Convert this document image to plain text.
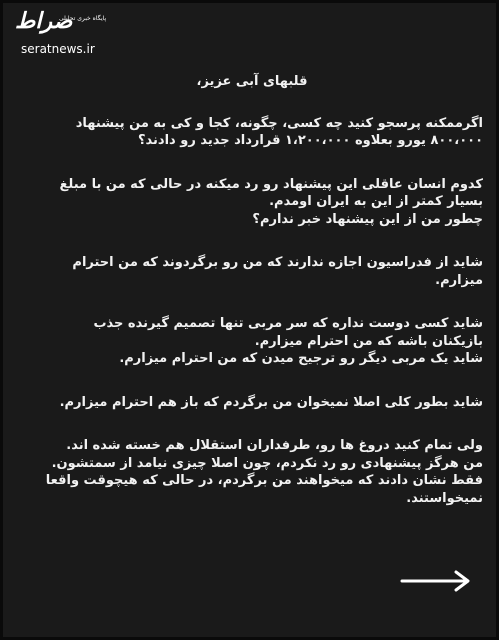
صراط
پایگاه خبری تحلیلی
seratnews.ir
قلبهای آبی عزیز،
اگرممکنه پرسجو کنید چه کسی، چگونه، کجا و کی به من پیشنهاد
۸۰۰،۰۰۰ یورو بعلاوه ۱،۲۰۰،۰۰۰ قرارداد جدید رو دادند؟
کدوم انسان عاقلی این پیشنهاد رو رد میکنه در حالی که من با مبلغ
بسیار کمتر از این به ایران اومدم.
چطور من از این پیشنهاد خبر ندارم؟
شاید از فدراسیون اجازه ندارند که من رو برگردوند که من احترام
میزارم.
شاید کسی دوست نداره که سر مربی تنها تصمیم گیرنده جذب
بازیکنان باشه که من احترام میزارم.
شاید یک مربی دیگر رو ترجیح میدن که من احترام میزارم.
شاید بطور کلی اصلا نمیخوان من برگردم که باز هم احترام میزارم.
ولی تمام کنید دروغ ها رو، طرفداران استقلال هم خسته شده اند.
من هرگز پیشنهادی رو رد نکردم، چون اصلا چیزی نیامد از سمتشون.
فقط نشان دادند که میخواهند من برگردم، در حالی که هیچوقت واقعا
نمیخواستند.
